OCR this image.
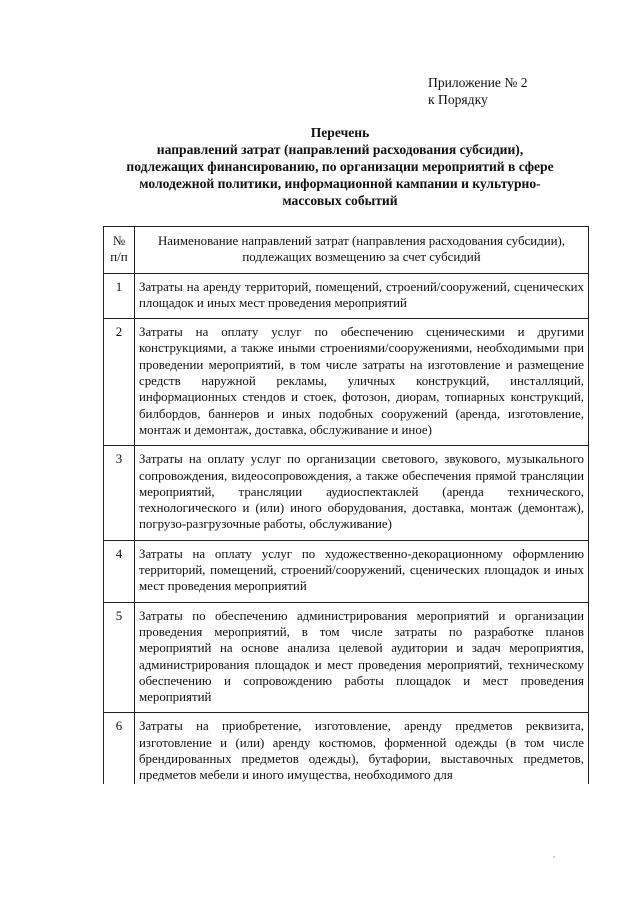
Приложение № 2
к Порядку
Перечень
направлений затрат (направлений расходования субсидии),
подлежащих финансированию, по организации мероприятий в сфере
молодежной политики, информационной кампании и культурно-
массовых событий
№ п/п	Наименование направлений затрат (направления расходования субсидии), подлежащих возмещению за счет субсидий
1	Затраты на аренду территорий, помещений, строений/сооружений, сценических площадок и иных мест проведения мероприятий
2	Затраты на оплату услуг по обеспечению сценическими и другими конструкциями, а также иными строениями/сооружениями, необходимыми при проведении мероприятий, в том числе затраты на изготовление и размещение средств наружной рекламы, уличных конструкций, инсталляций, информационных стендов и стоек, фотозон, диорам, топиарных конструкций, билбордов, баннеров и иных подобных сооружений (аренда, изготовление, монтаж и демонтаж, доставка, обслуживание и иное)
3	Затраты на оплату услуг по организации светового, звукового, музыкального сопровождения, видеосопровождения, а также обеспечения прямой трансляции мероприятий, трансляции аудиоспектаклей (аренда технического, технологического и (или) иного оборудования, доставка, монтаж (демонтаж), погрузо-разгрузочные работы, обслуживание)
4	Затраты на оплату услуг по художественно-декорационному оформлению территорий, помещений, строений/сооружений, сценических площадок и иных мест проведения мероприятий
5	Затраты по обеспечению администрирования мероприятий и организации проведения мероприятий, в том числе затраты по разработке планов мероприятий на основе анализа целевой аудитории и задач мероприятия, администрирования площадок и мест проведения мероприятий, техническому обеспечению и сопровождению работы площадок и мест проведения мероприятий
6	Затраты на приобретение, изготовление, аренду предметов реквизита, изготовление и (или) аренду костюмов, форменной одежды (в том числе брендированных предметов одежды), бутафории, выставочных предметов, предметов мебели и иного имущества, необходимого для
